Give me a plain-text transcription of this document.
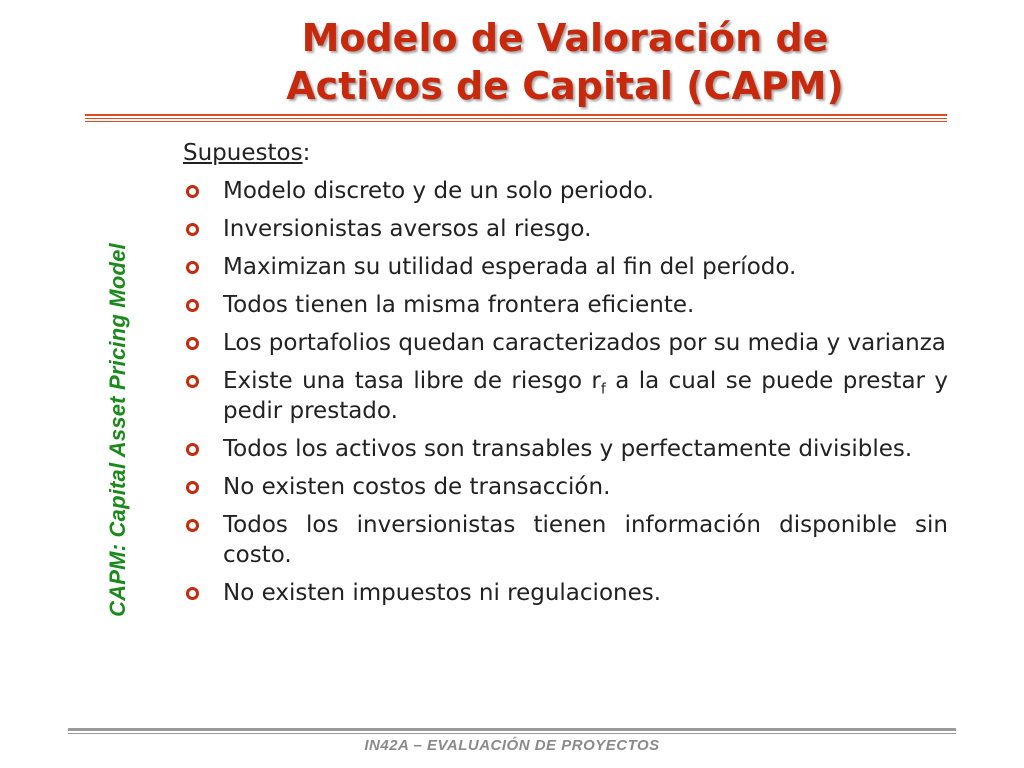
Modelo de Valoración de
Activos de Capital (CAPM)
CAPM: Capital Asset Pricing Model
Supuestos:
Modelo discreto y de un solo periodo.
Inversionistas aversos al riesgo.
Maximizan su utilidad esperada al fin del período.
Todos tienen la misma frontera eficiente.
Los portafolios quedan caracterizados por su media y varianza
Existe una tasa libre de riesgo $r_f$ a la cual se puede prestar y pedir prestado.
Todos los activos son transables y perfectamente divisibles.
No existen costos de transacción.
Todos los inversionistas tienen información disponible sin costo.
No existen impuestos ni regulaciones.
IN42A – EVALUACIÓN DE PROYECTOS
